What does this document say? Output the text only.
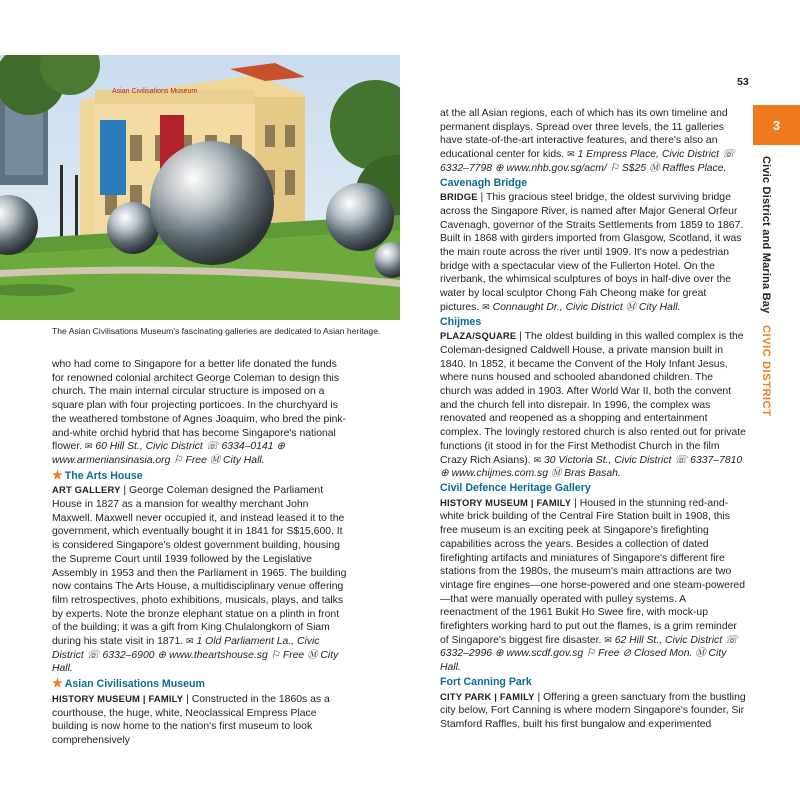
Asian Civilisations Museum
The Asian Civilisations Museum's fascinating galleries are dedicated to Asian heritage.
53
3
Civic District and Marina Bay CIVIC DISTRICT

who had come to Singapore for a better life donated the funds for renowned colonial architect George Coleman to design this church. The main internal circular structure is imposed on a square plan with four projecting porticoes. In the churchyard is the weathered tombstone of Agnes Joaquim, who bred the pink-and-white orchid hybrid that has become Singapore's national flower. ✉ 60 Hill St., Civic District ☏ 6334–0141 ⊕ www.armeniansinasia.org ⚐ Free Ⓜ City Hall.

★ The Arts House
ART GALLERY | George Coleman designed the Parliament House in 1827 as a mansion for wealthy merchant John Maxwell. Maxwell never occupied it, and instead leased it to the government, which eventually bought it in 1841 for S$15,600. It is considered Singapore's oldest government building, housing the Supreme Court until 1939 followed by the Legislative Assembly in 1953 and then the Parliament in 1965. The building now contains The Arts House, a multidisciplinary venue offering film retrospectives, photo exhibitions, musicals, plays, and talks by experts. Note the bronze elephant statue on a plinth in front of the building; it was a gift from King Chulalongkorn of Siam during his state visit in 1871. ✉ 1 Old Parliament La., Civic District ☏ 6332–6900 ⊕ www.theartshouse.sg ⚐ Free Ⓜ City Hall.

★ Asian Civilisations Museum
HISTORY MUSEUM | FAMILY | Constructed in the 1860s as a courthouse, the huge, white, Neoclassical Empress Place building is now home to the nation's first museum to look comprehensively

at the all Asian regions, each of which has its own timeline and permanent displays. Spread over three levels, the 11 galleries have state-of-the-art interactive features, and there's also an educational center for kids. ✉ 1 Empress Place, Civic District ☏ 6332–7798 ⊕ www.nhb.gov.sg/acm/ ⚐ S$25 Ⓜ Raffles Place.

Cavenagh Bridge
BRIDGE | This gracious steel bridge, the oldest surviving bridge across the Singapore River, is named after Major General Orfeur Cavenagh, governor of the Straits Settlements from 1859 to 1867. Built in 1868 with girders imported from Glasgow, Scotland, it was the main route across the river until 1909. It's now a pedestrian bridge with a spectacular view of the Fullerton Hotel. On the riverbank, the whimsical sculptures of boys in half-dive over the water by local sculptor Chong Fah Cheong make for great pictures. ✉ Connaught Dr., Civic District Ⓜ City Hall.

Chijmes
PLAZA/SQUARE | The oldest building in this walled complex is the Coleman-designed Caldwell House, a private mansion built in 1840. In 1852, it became the Convent of the Holy Infant Jesus, where nuns housed and schooled abandoned children. The church was added in 1903. After World War II, both the convent and the church fell into disrepair. In 1996, the complex was renovated and reopened as a shopping and entertainment complex. The lovingly restored church is also rented out for private functions (it stood in for the First Methodist Church in the film Crazy Rich Asians). ✉ 30 Victoria St., Civic District ☏ 6337–7810 ⊕ www.chijmes.com.sg Ⓜ Bras Basah.

Civil Defence Heritage Gallery
HISTORY MUSEUM | FAMILY | Housed in the stunning red-and-white brick building of the Central Fire Station built in 1908, this free museum is an exciting peek at Singapore's firefighting capabilities across the years. Besides a collection of dated firefighting artifacts and miniatures of Singapore's different fire stations from the 1980s, the museum's main attractions are two vintage fire engines—one horse-powered and one steam-powered—that were manually operated with pulley systems. A reenactment of the 1961 Bukit Ho Swee fire, with mock-up firefighters working hard to put out the flames, is a grim reminder of Singapore's biggest fire disaster. ✉ 62 Hill St., Civic District ☏ 6332–2996 ⊕ www.scdf.gov.sg ⚐ Free ⊘ Closed Mon. Ⓜ City Hall.

Fort Canning Park
CITY PARK | FAMILY | Offering a green sanctuary from the bustling city below, Fort Canning is where modern Singapore's founder, Sir Stamford Raffles, built his first bungalow and experimented
